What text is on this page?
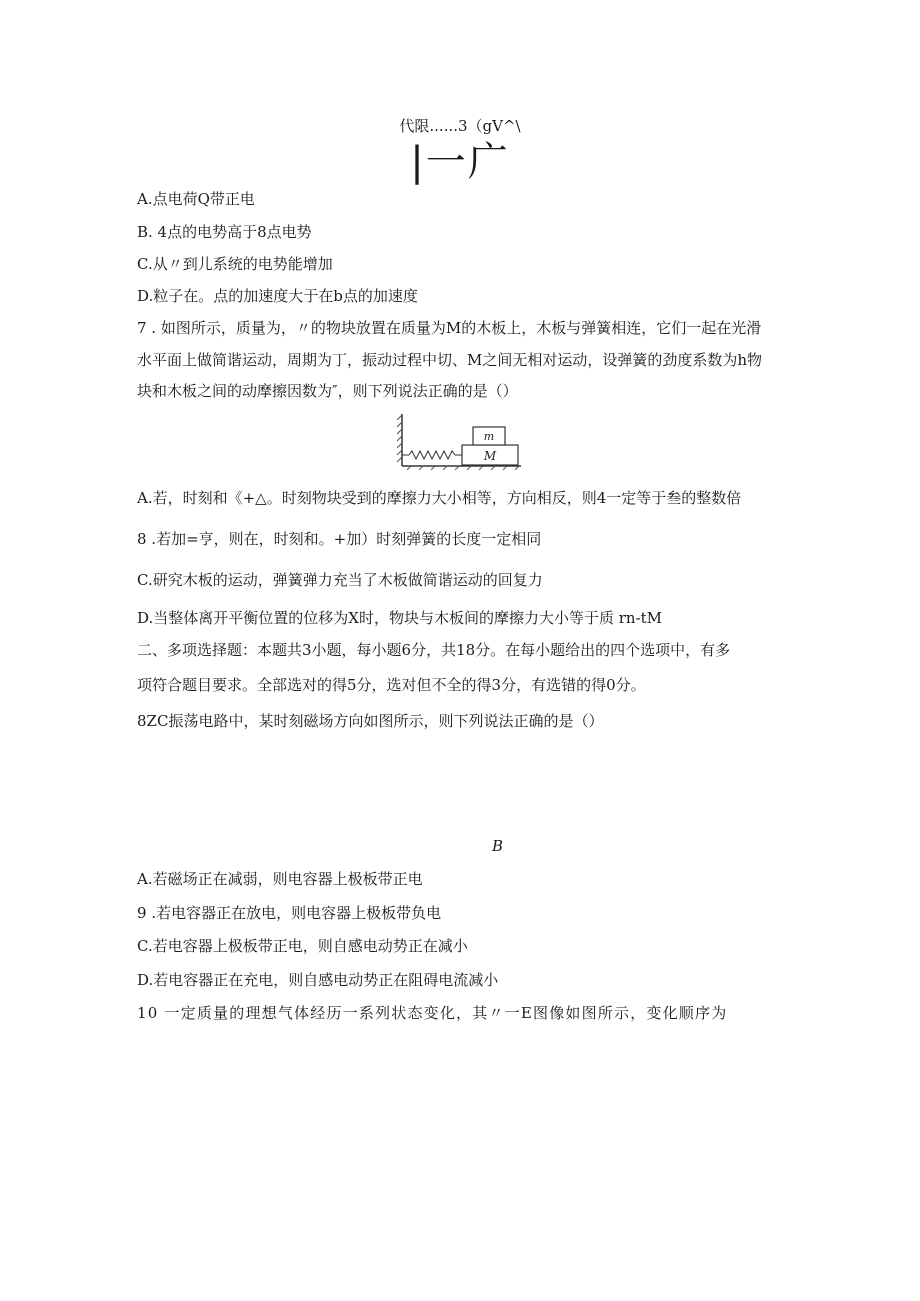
代限......3（gV^\
|一广
A.点电荷Q带正电
B. 4点的电势高于8点电势
C.从〃到儿系统的电势能增加
D.粒子在。点的加速度大于在b点的加速度
7 . 如图所示，质量为，〃的物块放置在质量为M的木板上，木板与弹簧相连，它们一起在光滑
水平面上做简谐运动，周期为丁，振动过程中切、M之间无相对运动，设弹簧的劲度系数为h物
块和木板之间的动摩擦因数为″，则下列说法正确的是（）
m
M
A.若，时刻和《+△。时刻物块受到的摩擦力大小相等，方向相反，则4一定等于叁的整数倍
8 .若加=亨，则在，时刻和。+加）时刻弹簧的长度一定相同
C.研究木板的运动，弹簧弹力充当了木板做简谐运动的回复力
D.当整体离开平衡位置的位移为X时，物块与木板间的摩擦力大小等于质 rn-tM
二、多项选择题：本题共3小题，每小题6分，共18分。在每小题给出的四个选项中，有多
项符合题目要求。全部选对的得5分，选对但不全的得3分，有选错的得0分。
8ZC振荡电路中，某时刻磁场方向如图所示，则下列说法正确的是（）
B
A.若磁场正在减弱，则电容器上极板带正电
9 .若电容器正在放电，则电容器上极板带负电
C.若电容器上极板带正电，则自感电动势正在减小
D.若电容器正在充电，则自感电动势正在阻碍电流减小
10 一定质量的理想气体经历一系列状态变化，其〃一E图像如图所示，变化顺序为
